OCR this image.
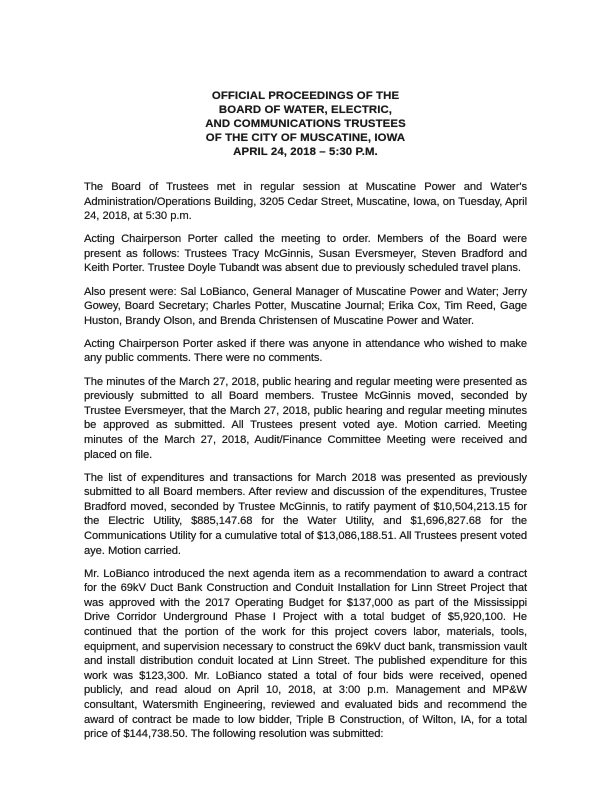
OFFICIAL PROCEEDINGS OF THE
BOARD OF WATER, ELECTRIC,
AND COMMUNICATIONS TRUSTEES
OF THE CITY OF MUSCATINE, IOWA
APRIL 24, 2018 – 5:30 P.M.

The Board of Trustees met in regular session at Muscatine Power and Water's Administration/Operations Building, 3205 Cedar Street, Muscatine, Iowa, on Tuesday, April 24, 2018, at 5:30 p.m.

Acting Chairperson Porter called the meeting to order. Members of the Board were present as follows: Trustees Tracy McGinnis, Susan Eversmeyer, Steven Bradford and Keith Porter. Trustee Doyle Tubandt was absent due to previously scheduled travel plans.

Also present were: Sal LoBianco, General Manager of Muscatine Power and Water; Jerry Gowey, Board Secretary; Charles Potter, Muscatine Journal; Erika Cox, Tim Reed, Gage Huston, Brandy Olson, and Brenda Christensen of Muscatine Power and Water.

Acting Chairperson Porter asked if there was anyone in attendance who wished to make any public comments. There were no comments.

The minutes of the March 27, 2018, public hearing and regular meeting were presented as previously submitted to all Board members. Trustee McGinnis moved, seconded by Trustee Eversmeyer, that the March 27, 2018, public hearing and regular meeting minutes be approved as submitted. All Trustees present voted aye. Motion carried. Meeting minutes of the March 27, 2018, Audit/Finance Committee Meeting were received and placed on file.

The list of expenditures and transactions for March 2018 was presented as previously submitted to all Board members. After review and discussion of the expenditures, Trustee Bradford moved, seconded by Trustee McGinnis, to ratify payment of $10,504,213.15 for the Electric Utility, $885,147.68 for the Water Utility, and $1,696,827.68 for the Communications Utility for a cumulative total of $13,086,188.51. All Trustees present voted aye. Motion carried.

Mr. LoBianco introduced the next agenda item as a recommendation to award a contract for the 69kV Duct Bank Construction and Conduit Installation for Linn Street Project that was approved with the 2017 Operating Budget for $137,000 as part of the Mississippi Drive Corridor Underground Phase I Project with a total budget of $5,920,100. He continued that the portion of the work for this project covers labor, materials, tools, equipment, and supervision necessary to construct the 69kV duct bank, transmission vault and install distribution conduit located at Linn Street. The published expenditure for this work was $123,300. Mr. LoBianco stated a total of four bids were received, opened publicly, and read aloud on April 10, 2018, at 3:00 p.m. Management and MP&W consultant, Watersmith Engineering, reviewed and evaluated bids and recommend the award of contract be made to low bidder, Triple B Construction, of Wilton, IA, for a total price of $144,738.50. The following resolution was submitted:
